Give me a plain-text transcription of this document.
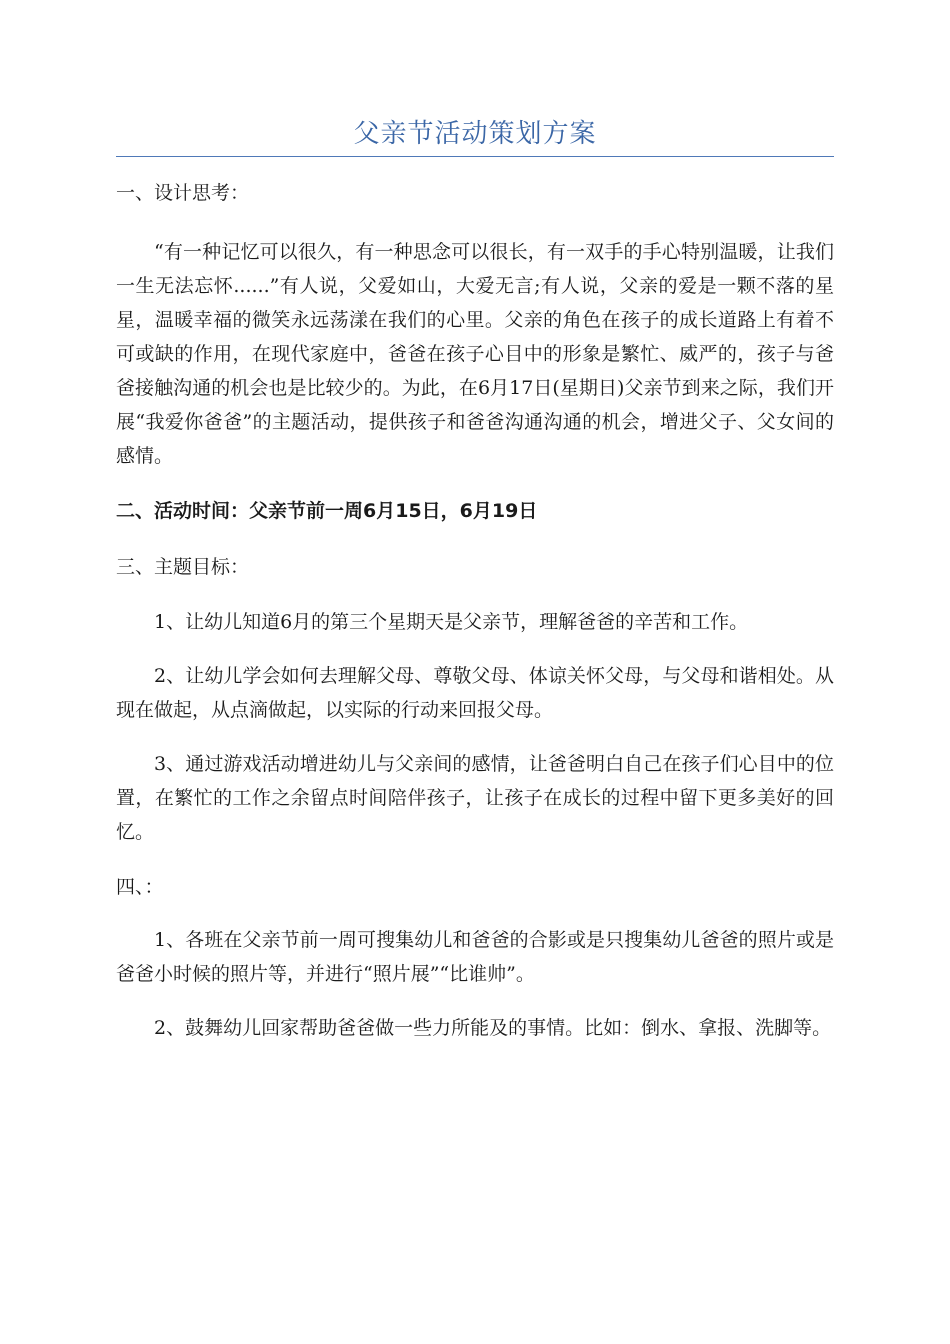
父亲节活动策划方案

一、设计思考：

“有一种记忆可以很久，有一种思念可以很长，有一双手的手心特别温暖，让我们一生无法忘怀......”有人说，父爱如山，大爱无言;有人说，父亲的爱是一颗不落的星星，温暖幸福的微笑永远荡漾在我们的心里。父亲的角色在孩子的成长道路上有着不可或缺的作用，在现代家庭中，爸爸在孩子心目中的形象是繁忙、威严的，孩子与爸爸接触沟通的机会也是比较少的。为此，在6月17日(星期日)父亲节到来之际，我们开展“我爱你爸爸”的主题活动，提供孩子和爸爸沟通沟通的机会，增进父子、父女间的感情。

二、活动时间：父亲节前一周6月15日，6月19日

三、主题目标：

1、让幼儿知道6月的第三个星期天是父亲节，理解爸爸的辛苦和工作。

2、让幼儿学会如何去理解父母、尊敬父母、体谅关怀父母，与父母和谐相处。从现在做起，从点滴做起，以实际的行动来回报父母。

3、通过游戏活动增进幼儿与父亲间的感情，让爸爸明白自己在孩子们心目中的位置，在繁忙的工作之余留点时间陪伴孩子，让孩子在成长的过程中留下更多美好的回忆。

四、：

1、各班在父亲节前一周可搜集幼儿和爸爸的合影或是只搜集幼儿爸爸的照片或是爸爸小时候的照片等，并进行“照片展”“比谁帅”。

2、鼓舞幼儿回家帮助爸爸做一些力所能及的事情。比如：倒水、拿报、洗脚等。
